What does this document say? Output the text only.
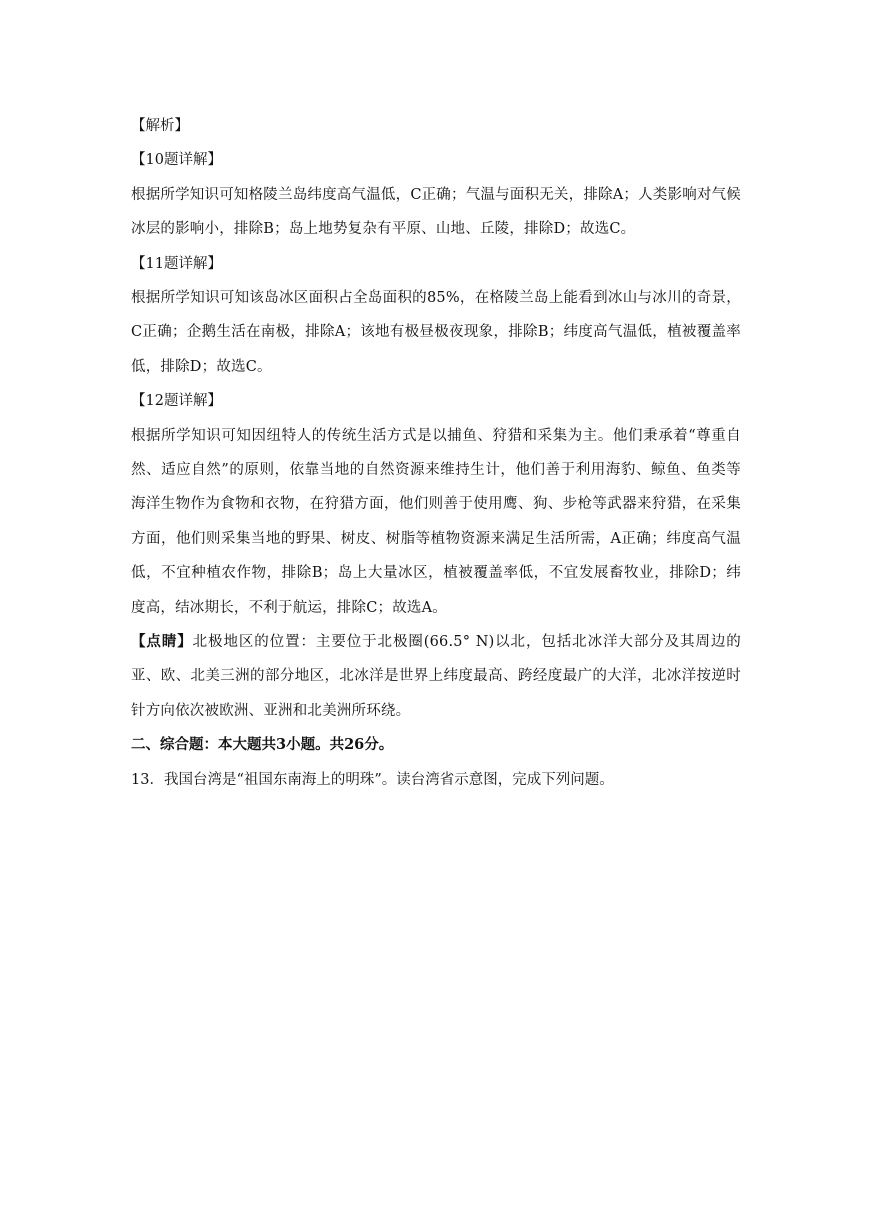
【解析】
【10题详解】

根据所学知识可知格陵兰岛纬度高气温低，C正确；气温与面积无关，排除A；人类影响对气候冰层的影响小，排除B；岛上地势复杂有平原、山地、丘陵，排除D；故选C。

【11题详解】

根据所学知识可知该岛冰区面积占全岛面积的85%，在格陵兰岛上能看到冰山与冰川的奇景，C正确；企鹅生活在南极，排除A；该地有极昼极夜现象，排除B；纬度高气温低，植被覆盖率低，排除D；故选C。

【12题详解】

根据所学知识可知因纽特人的传统生活方式是以捕鱼、狩猎和采集为主。他们秉承着“尊重自然、适应自然”的原则，依靠当地的自然资源来维持生计，他们善于利用海豹、鲸鱼、鱼类等海洋生物作为食物和衣物，在狩猎方面，他们则善于使用鹰、狗、步枪等武器来狩猎，在采集方面，他们则采集当地的野果、树皮、树脂等植物资源来满足生活所需，A正确；纬度高气温低，不宜种植农作物，排除B；岛上大量冰区，植被覆盖率低，不宜发展畜牧业，排除D；纬度高，结冰期长，不利于航运，排除C；故选A。

【点睛】北极地区的位置：主要位于北极圈(66.5° N)以北，包括北冰洋大部分及其周边的亚、欧、北美三洲的部分地区，北冰洋是世界上纬度最高、跨经度最广的大洋，北冰洋按逆时针方向依次被欧洲、亚洲和北美洲所环绕。

二、综合题：本大题共3小题。共26分。
13．我国台湾是“祖国东南海上的明珠”。读台湾省示意图，完成下列问题。
